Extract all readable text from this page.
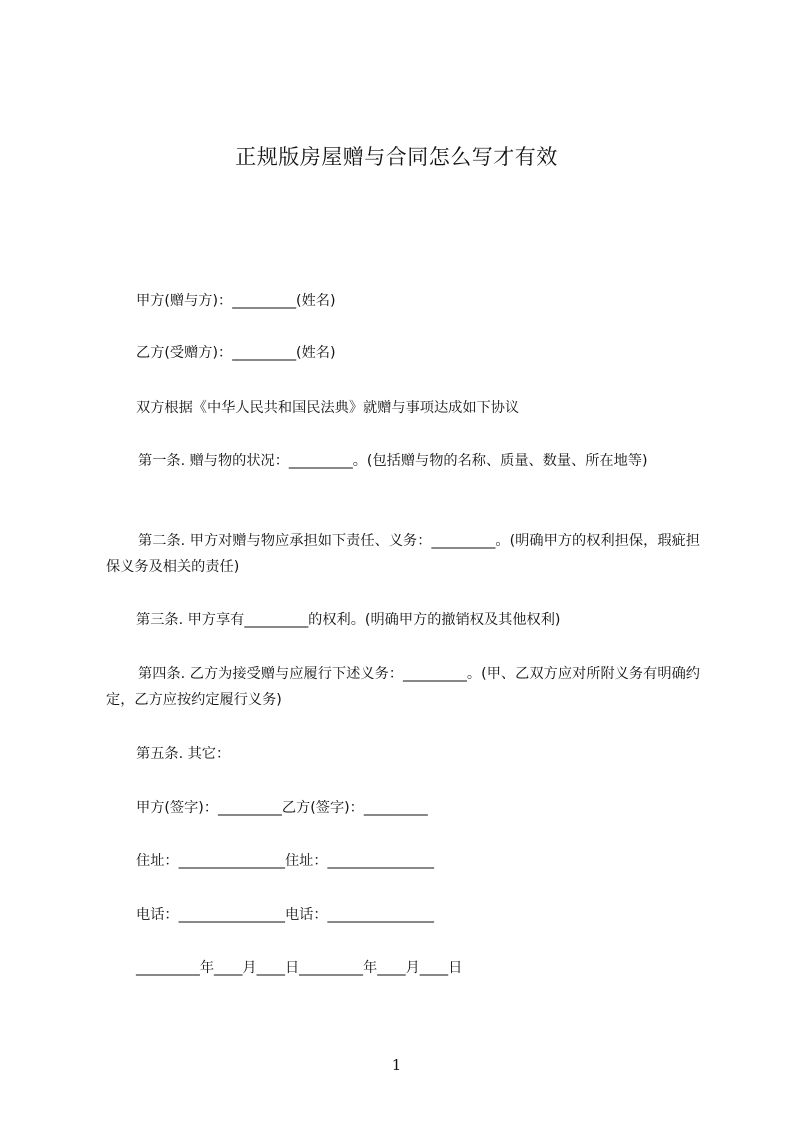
正规版房屋赠与合同怎么写才有效

甲方(赠与方)：_________(姓名)

乙方(受赠方)：_________(姓名)

双方根据《中华人民共和国民法典》就赠与事项达成如下协议

第一条. 赠与物的状况：_________。(包括赠与物的名称、质量、数量、所在地等)

第二条. 甲方对赠与物应承担如下责任、义务：_________。(明确甲方的权利担保，瑕疵担保义务及相关的责任)

第三条. 甲方享有_________的权利。(明确甲方的撤销权及其他权利)

第四条. 乙方为接受赠与应履行下述义务：_________。(甲、乙双方应对所附义务有明确约定，乙方应按约定履行义务)

第五条. 其它：

甲方(签字)：_________乙方(签字)：_________

住址：_______________住址：_______________

电话：_______________电话：_______________

_________年____月____日_________年____月____日

1
